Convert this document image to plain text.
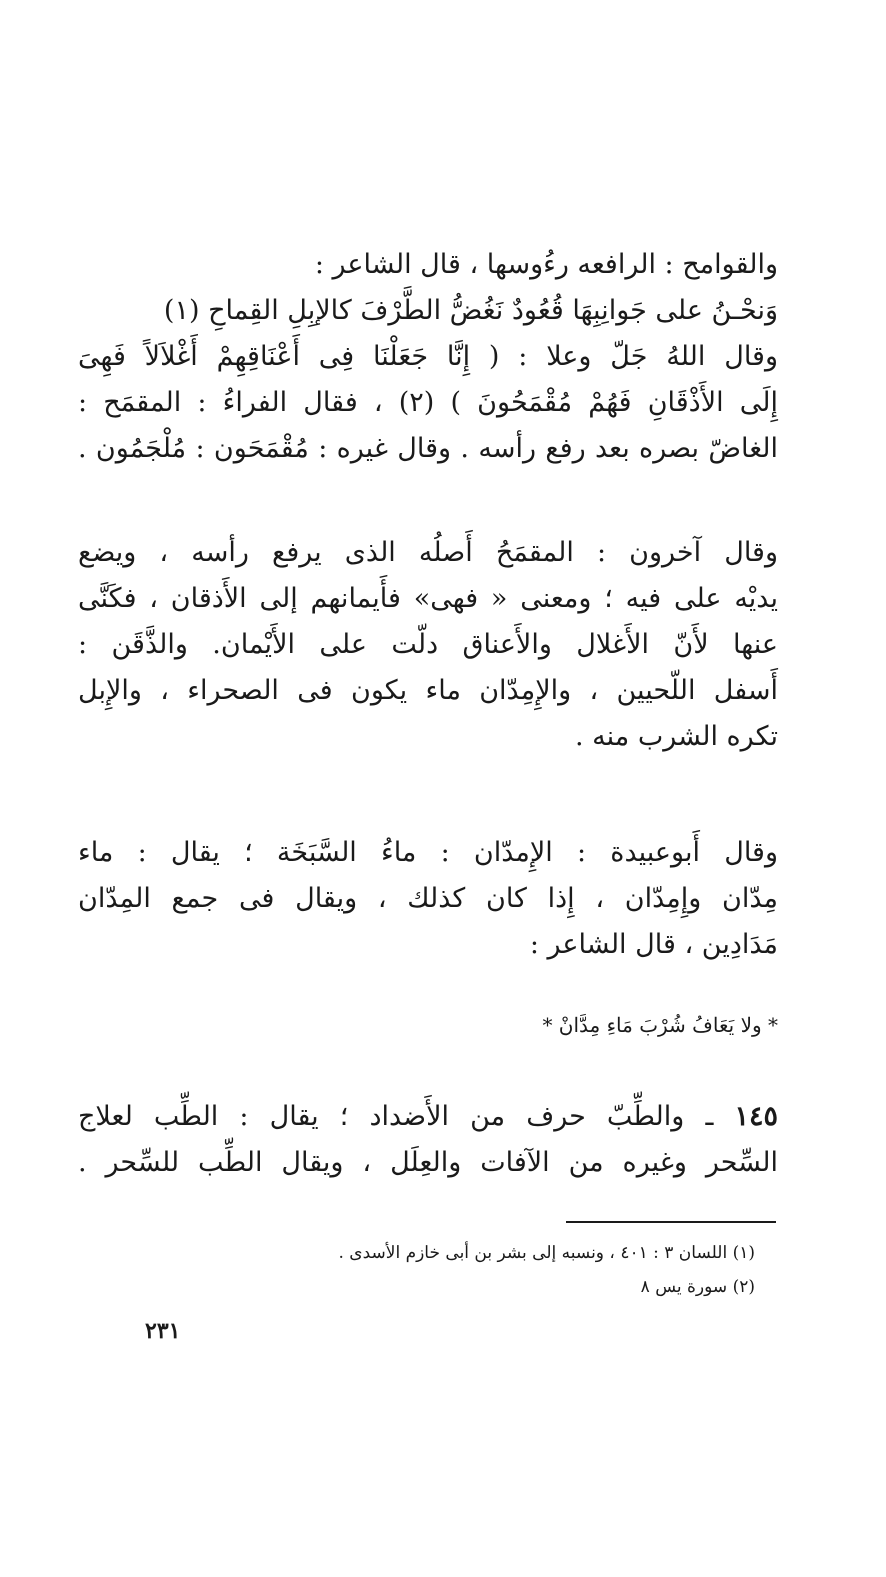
والقوامح : الرافعه رءُوسها ، قال الشاعر :
وَنحْـنُ على جَوانِبِهَا قُعُودٌ نَغُضُّ الطَّرْفَ كالإبِلِ القِماحِ (١)
وقال اللهُ جَلّ وعلا : ( إِنَّا جَعَلْنَا فِى أَعْنَاقِهِمْ أَغْلاَلاً فَهِىَ
إِلَى الأَذْقَانِ فَهُمْ مُقْمَحُونَ ) (٢) ، فقال الفراءُ : المقمَح :
الغاضّ بصره بعد رفع رأسه . وقال غيره : مُقْمَحَون : مُلْجَمُون .
وقال آخرون : المقمَحُ أَصلُه الذى يرفع رأسه ، ويضع
يديْه على فيه ؛ ومعنى « فهى» فأَيمانهم إلى الأَذقان ، فكَنَّى
عنها لأَنّ الأَغلال والأَعناق دلّت على الأَيْمان. والذَّقَن :
أَسفل اللّحيين ، والإِمِدّان ماء يكون فى الصحراء ، والإِبل
تكره الشرب منه .
وقال أَبوعبيدة : الإِمدّان : ماءُ السَّبَخَة ؛ يقال : ماء
مِدّان وإِمِدّان ، إِذا كان كذلك ، ويقال فى جمع المِدّان
مَدَادِين ، قال الشاعر :
* ولا يَعَافُ شُرْبَ مَاءِ مِدَّانْ *
١٤٥ ـ والطِّبّ حرف من الأَضداد ؛ يقال : الطِّب لعلاج
السِّحر وغيره من الآفات والعِلَل ، ويقال الطِّب للسِّحر .
(١) اللسان ٣ : ٤٠١ ، ونسبه إلى بشر بن أبى خازم الأسدى .
(٢) سورة يس ٨
٢٣١
